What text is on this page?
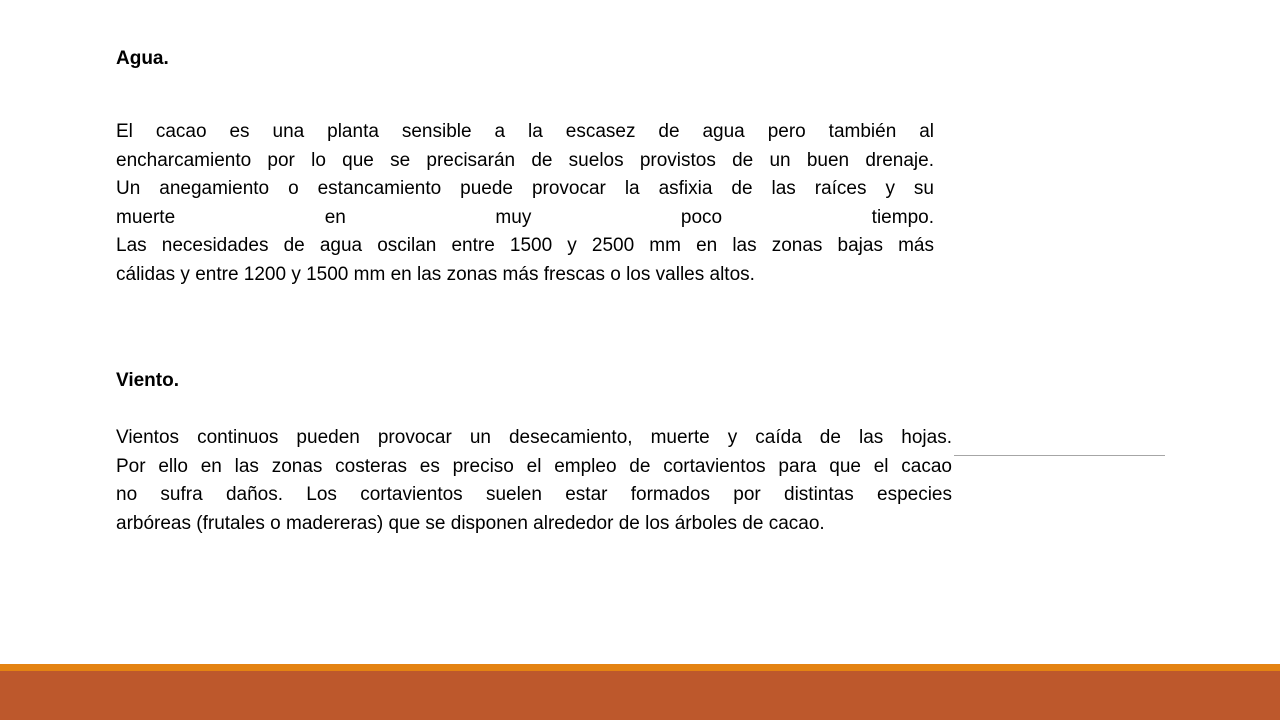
Agua.
El cacao es una planta sensible a la escasez de agua pero también al
encharcamiento por lo que se precisarán de suelos provistos de un buen drenaje.
Un anegamiento o estancamiento puede provocar la asfixia de las raíces y su
muerte en muy poco tiempo.
Las necesidades de agua oscilan entre 1500 y 2500 mm en las zonas bajas más
cálidas y entre 1200 y 1500 mm en las zonas más frescas o los valles altos.
Viento.
Vientos continuos pueden provocar un desecamiento, muerte y caída de las hojas.
Por ello en las zonas costeras es preciso el empleo de cortavientos para que el cacao
no sufra daños. Los cortavientos suelen estar formados por distintas especies
arbóreas (frutales o madereras) que se disponen alrededor de los árboles de cacao.
